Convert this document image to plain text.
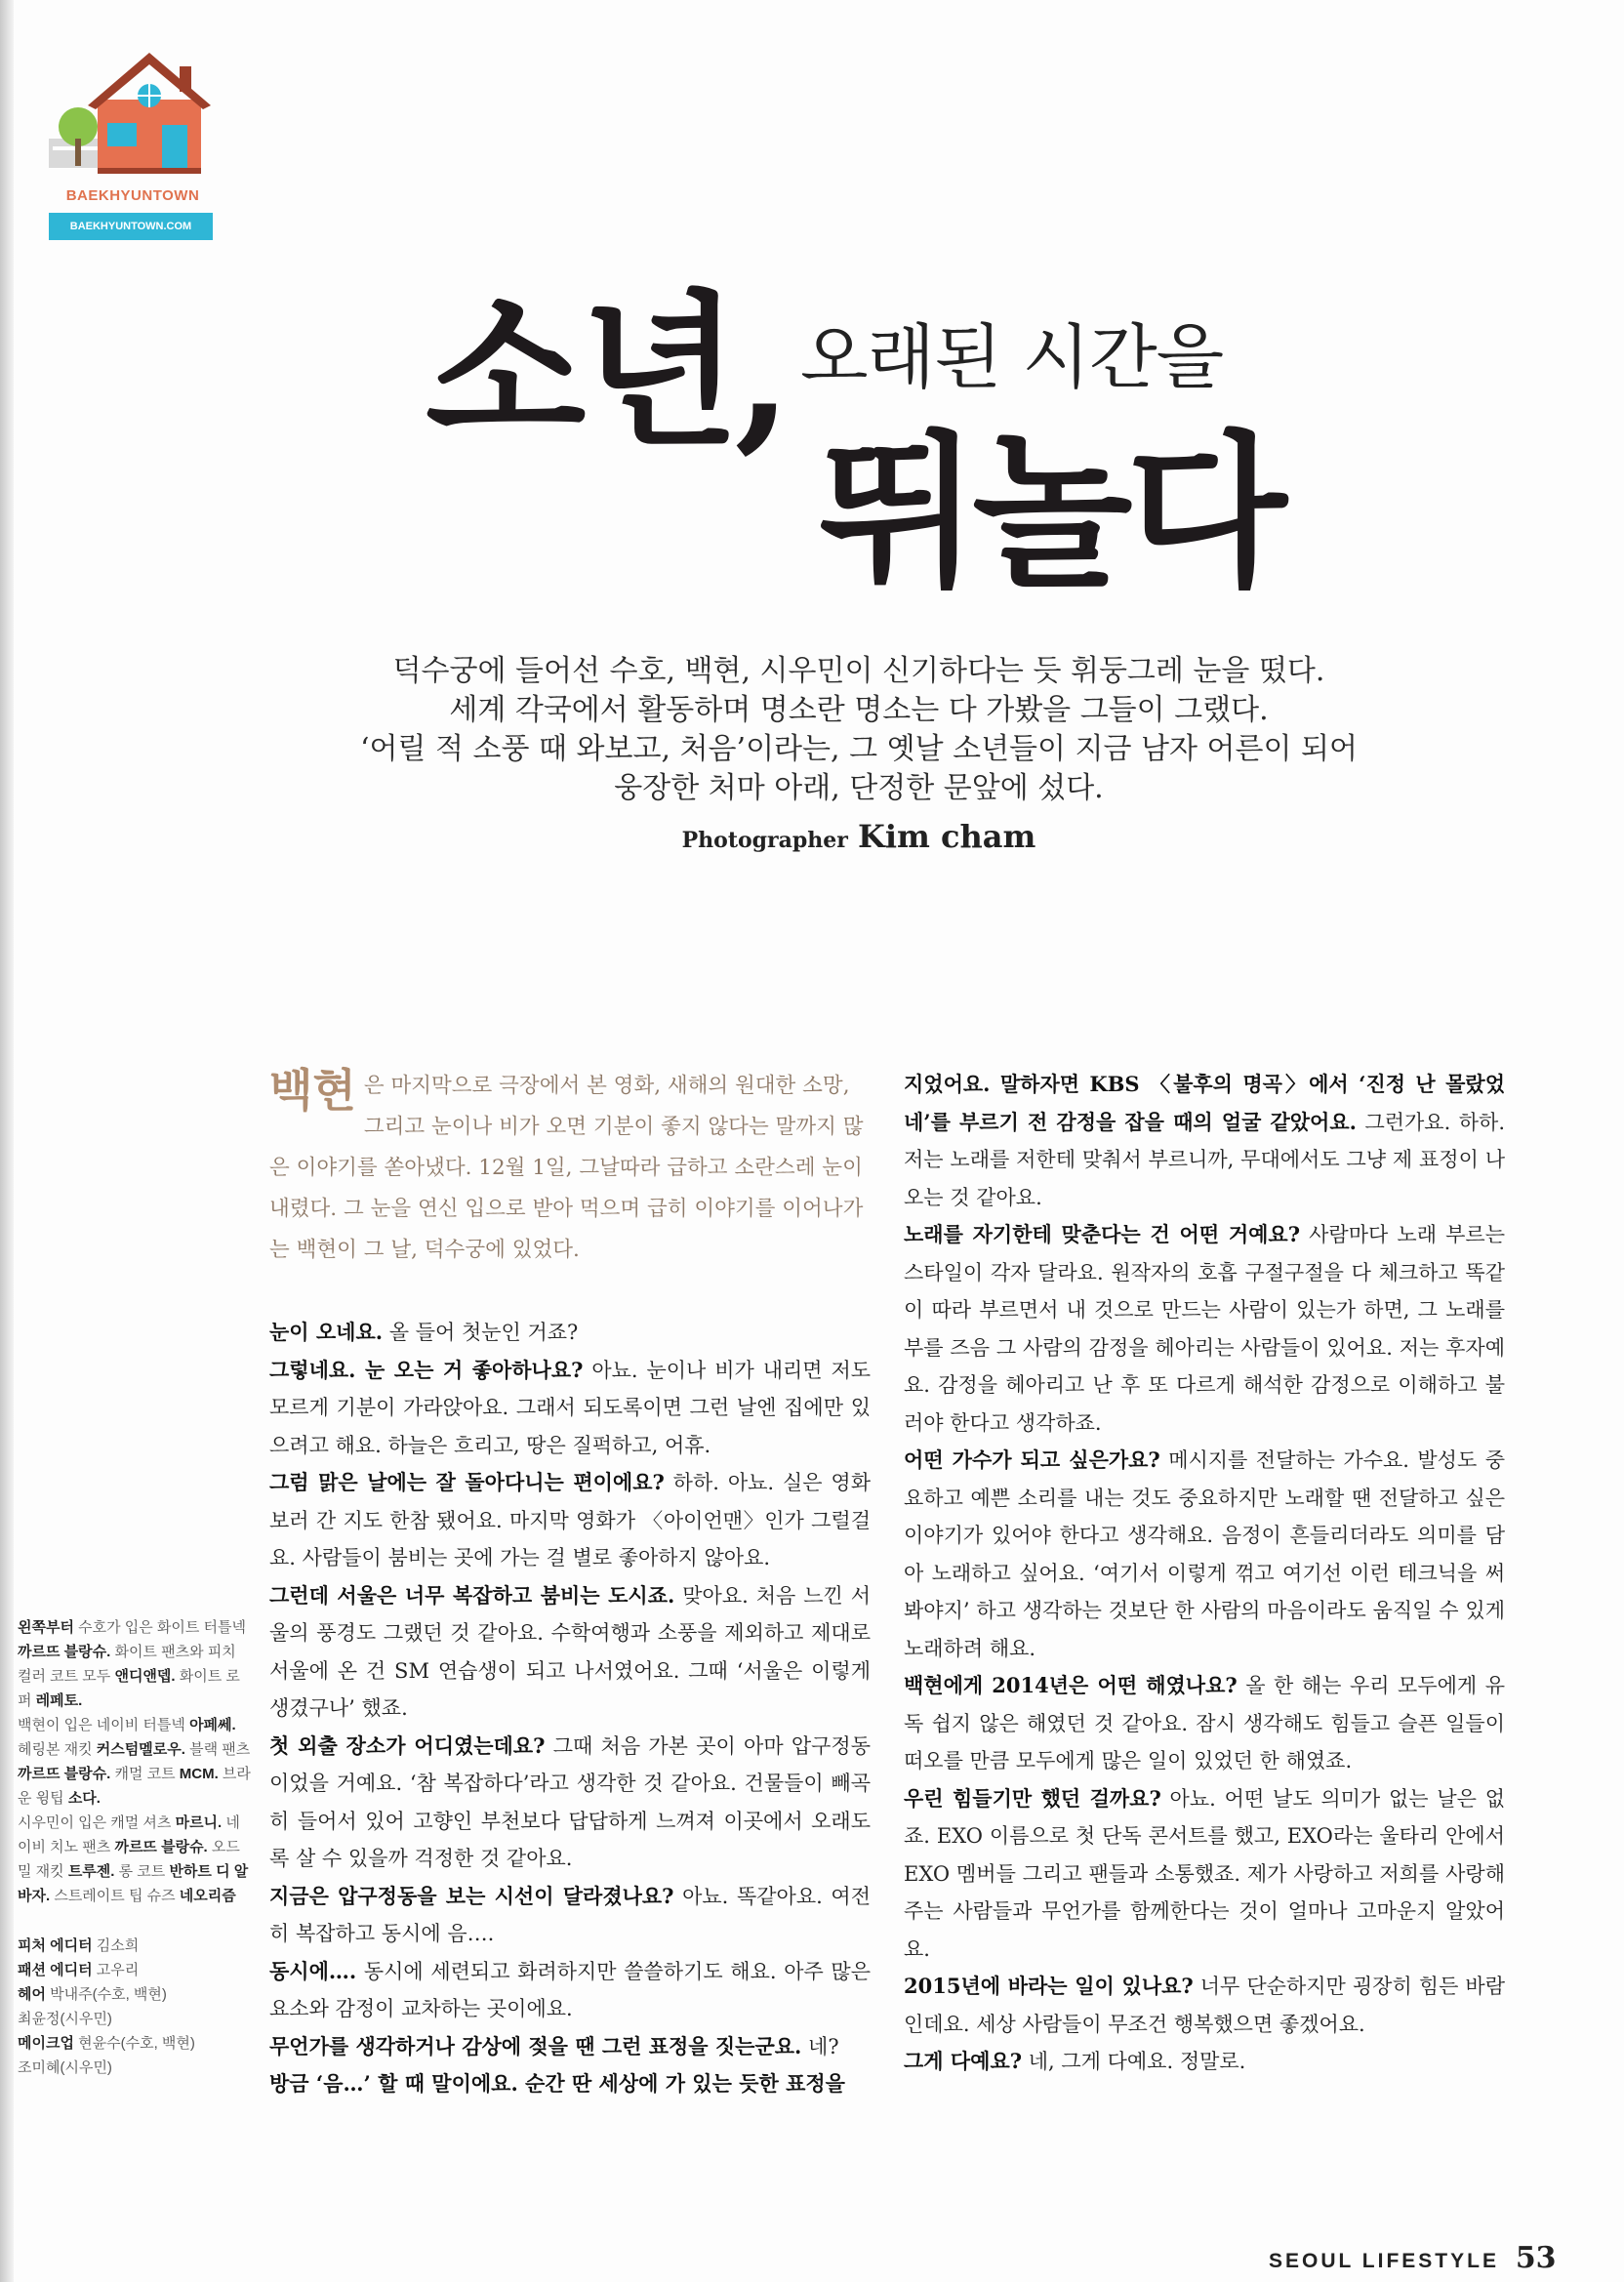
BAEKHYUNTOWN
BAEKHYUNTOWN.COM
소년, 오래된 시간을
뛰놀다

덕수궁에 들어선 수호, 백현, 시우민이 신기하다는 듯 휘둥그레 눈을 떴다.

세계 각국에서 활동하며 명소란 명소는 다 가봤을 그들이 그랬다.

‘어릴 적 소풍 때 와보고, 처음’이라는, 그 옛날 소년들이 지금 남자 어른이 되어

웅장한 처마 아래, 단정한 문앞에 섰다.

Photographer Kim cham
백현 은 마지막으로 극장에서 본 영화, 새해의 원대한 소망, 그리고 눈이나 비가 오면 기분이 좋지 않다는 말까지 많은 이야기를 쏟아냈다. 12월 1일, 그날따라 급하고 소란스레 눈이 내렸다. 그 눈을 연신 입으로 받아 먹으며 급히 이야기를 이어나가는 백현이 그 날, 덕수궁에 있었다.

눈이 오네요. 올 들어 첫눈인 거죠?

그렇네요. 눈 오는 거 좋아하나요? 아뇨. 눈이나 비가 내리면 저도 모르게 기분이 가라앉아요. 그래서 되도록이면 그런 날엔 집에만 있으려고 해요. 하늘은 흐리고, 땅은 질퍽하고, 어휴.

그럼 맑은 날에는 잘 돌아다니는 편이에요? 하하. 아뇨. 실은 영화 보러 간 지도 한참 됐어요. 마지막 영화가 〈아이언맨〉인가 그럴걸요. 사람들이 붐비는 곳에 가는 걸 별로 좋아하지 않아요.

그런데 서울은 너무 복잡하고 붐비는 도시죠. 맞아요. 처음 느낀 서울의 풍경도 그랬던 것 같아요. 수학여행과 소풍을 제외하고 제대로 서울에 온 건 SM 연습생이 되고 나서였어요. 그때 ‘서울은 이렇게 생겼구나’ 했죠.

첫 외출 장소가 어디였는데요? 그때 처음 가본 곳이 아마 압구정동이었을 거예요. ‘참 복잡하다’라고 생각한 것 같아요. 건물들이 빼곡히 들어서 있어 고향인 부천보다 답답하게 느껴져 이곳에서 오래도록 살 수 있을까 걱정한 것 같아요.

지금은 압구정동을 보는 시선이 달라졌나요? 아뇨. 똑같아요. 여전히 복잡하고 동시에 음….

동시에…. 동시에 세련되고 화려하지만 쓸쓸하기도 해요. 아주 많은 요소와 감정이 교차하는 곳이에요.

무언가를 생각하거나 감상에 젖을 땐 그런 표정을 짓는군요. 네?

방금 ‘음…’ 할 때 말이에요. 순간 딴 세상에 가 있는 듯한 표정을

지었어요. 말하자면 KBS 〈불후의 명곡〉에서 ‘진정 난 몰랐었네’를 부르기 전 감정을 잡을 때의 얼굴 같았어요. 그런가요. 하하. 저는 노래를 저한테 맞춰서 부르니까, 무대에서도 그냥 제 표정이 나오는 것 같아요.

노래를 자기한테 맞춘다는 건 어떤 거예요? 사람마다 노래 부르는 스타일이 각자 달라요. 원작자의 호흡 구절구절을 다 체크하고 똑같이 따라 부르면서 내 것으로 만드는 사람이 있는가 하면, 그 노래를 부를 즈음 그 사람의 감정을 헤아리는 사람들이 있어요. 저는 후자예요. 감정을 헤아리고 난 후 또 다르게 해석한 감정으로 이해하고 불러야 한다고 생각하죠.

어떤 가수가 되고 싶은가요? 메시지를 전달하는 가수요. 발성도 중요하고 예쁜 소리를 내는 것도 중요하지만 노래할 땐 전달하고 싶은 이야기가 있어야 한다고 생각해요. 음정이 흔들리더라도 의미를 담아 노래하고 싶어요. ‘여기서 이렇게 꺾고 여기선 이런 테크닉을 써봐야지’ 하고 생각하는 것보단 한 사람의 마음이라도 움직일 수 있게 노래하려 해요.

백현에게 2014년은 어떤 해였나요? 올 한 해는 우리 모두에게 유독 쉽지 않은 해였던 것 같아요. 잠시 생각해도 힘들고 슬픈 일들이 떠오를 만큼 모두에게 많은 일이 있었던 한 해였죠.

우린 힘들기만 했던 걸까요? 아뇨. 어떤 날도 의미가 없는 날은 없죠. EXO 이름으로 첫 단독 콘서트를 했고, EXO라는 울타리 안에서 EXO 멤버들 그리고 팬들과 소통했죠. 제가 사랑하고 저희를 사랑해주는 사람들과 무언가를 함께한다는 것이 얼마나 고마운지 알았어요.

2015년에 바라는 일이 있나요? 너무 단순하지만 굉장히 힘든 바람인데요. 세상 사람들이 무조건 행복했으면 좋겠어요.

그게 다예요? 네, 그게 다예요. 정말로.

왼쪽부터 수호가 입은 화이트 터틀넥 까르뜨 블랑슈. 화이트 팬츠와 피치 컬러 코트 모두 앤디앤뎁. 화이트 로퍼 레페토.

백현이 입은 네이비 터틀넥 아페쎄. 헤링본 재킷 커스텀멜로우. 블랙 팬츠 까르뜨 블랑슈. 캐멀 코트 MCM. 브라운 윙팁 소다.

시우민이 입은 캐멀 셔츠 마르니. 네이비 치노 팬츠 까르뜨 블랑슈. 오드밀 재킷 트루젠. 롱 코트 반하트 디 알바자. 스트레이트 팁 슈즈 네오리즘

피처 에디터 김소희

패션 에디터 고우리

헤어 박내주(수호, 백현)

최윤정(시우민)

메이크업 현윤수(수호, 백현)

조미혜(시우민)

SEOUL LIFESTYLE 53
